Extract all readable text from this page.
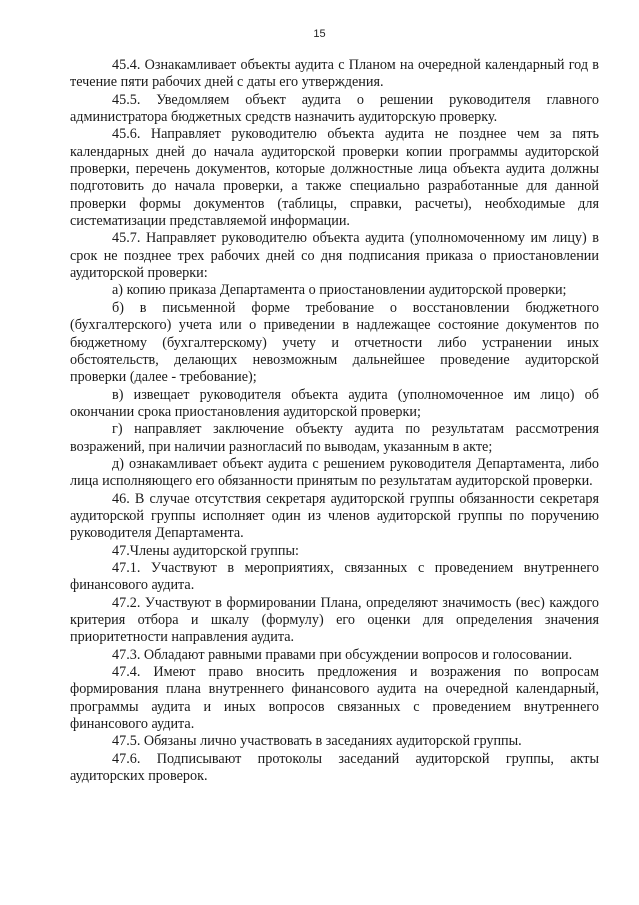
15

45.4. Ознакамливает объекты аудита с Планом на очередной календарный год в течение пяти рабочих дней с даты его утверждения.

45.5. Уведомляем объект аудита о решении руководителя главного администратора бюджетных средств назначить аудиторскую проверку.

45.6. Направляет руководителю объекта аудита не позднее чем за пять календарных дней до начала аудиторской проверки копии программы аудиторской проверки, перечень документов, которые должностные лица объекта аудита должны подготовить до начала проверки, а также специально разработанные для данной проверки формы документов (таблицы, справки, расчеты), необходимые для систематизации представляемой информации.

45.7. Направляет руководителю объекта аудита (уполномоченному им лицу) в срок не позднее трех рабочих дней со дня подписания приказа о приостановлении аудиторской проверки:

а) копию приказа Департамента о приостановлении аудиторской проверки;

б) в письменной форме требование о восстановлении бюджетного (бухгалтерского) учета или о приведении в надлежащее состояние документов по бюджетному (бухгалтерскому) учету и отчетности либо устранении иных обстоятельств, делающих невозможным дальнейшее проведение аудиторской проверки (далее - требование);

в) извещает руководителя объекта аудита (уполномоченное им лицо) об окончании срока приостановления аудиторской проверки;

г) направляет заключение объекту аудита по результатам рассмотрения возражений, при наличии разногласий по выводам, указанным в акте;

д) ознакамливает объект аудита с решением руководителя Департамента, либо лица исполняющего его обязанности принятым по результатам аудиторской проверки.

46. В случае отсутствия секретаря аудиторской группы обязанности секретаря аудиторской группы исполняет один из членов аудиторской группы по поручению руководителя Департамента.

47.Члены аудиторской группы:

47.1. Участвуют в мероприятиях, связанных с проведением внутреннего финансового аудита.

47.2. Участвуют в формировании Плана, определяют значимость (вес) каждого критерия отбора и шкалу (формулу) его оценки для определения значения приоритетности направления аудита.

47.3. Обладают равными правами при обсуждении вопросов и голосовании.

47.4. Имеют право вносить предложения и возражения по вопросам формирования плана внутреннего финансового аудита на очередной календарный, программы аудита и иных вопросов связанных с проведением внутреннего финансового аудита.

47.5. Обязаны лично участвовать в заседаниях аудиторской группы.

47.6. Подписывают протоколы заседаний аудиторской группы, акты аудиторских проверок.
